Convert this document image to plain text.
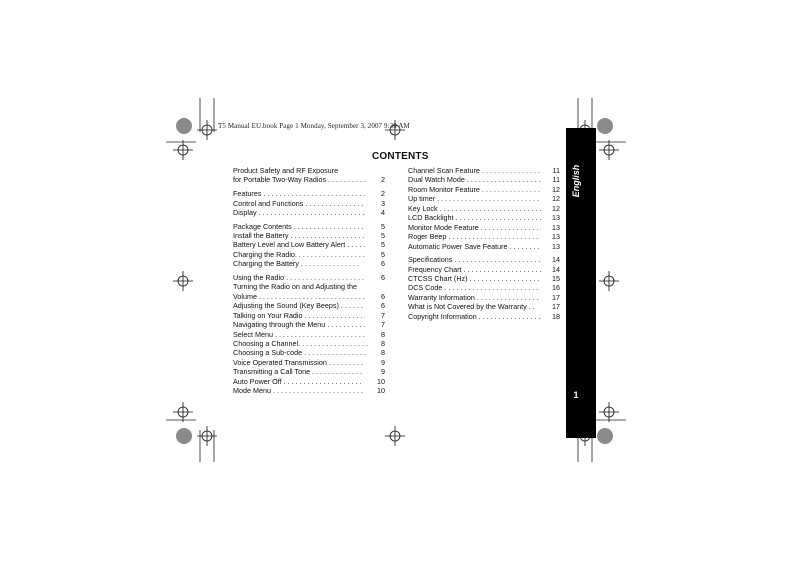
T5 Manual EU.book Page 1 Monday, September 3, 2007 9:30 AM
CONTENTS
Product Safety and RF Exposure
for Portable Two-Way Radios . . . . . . . . . . 2
Features . . . . . . . . . . . . . . . . . . . . . . . . . . 2
Control and Functions . . . . . . . . . . . . . . . 3
Display . . . . . . . . . . . . . . . . . . . . . . . . . . . 4
Package Contents . . . . . . . . . . . . . . . . . . 5
Install the Battery . . . . . . . . . . . . . . . . . . . 5
Battery Level and Low Battery Alert . . . . . 5
Charging the Radio. . . . . . . . . . . . . . . . . . 5
Charging the Battery . . . . . . . . . . . . . . .	6
Using the Radio . . . . . . . . . . . . . . . . . . . . 6
Turning the Radio on and Adjusting the
Volume . . . . . . . . . . . . . . . . . . . . . . . . . . . 6
Adjusting the Sound (Key Beeps) . . . . . .	6
Talking on Your Radio . . . . . . . . . . . . . . .	7
Navigating through the Menu . . . . . . . . . . 7
Select Menu . . . . . . . . . . . . . . . . . . . . . . . 8
Choosing a Channel. . . . . . . . . . . . . . . . . . 8
Choosing a Sub-code . . . . . . . . . . . . . . . . 8
Voice Operated Transmission . . . . . . . . .	9
Transmitting a Call Tone . . . . . . . . . . . . .	9
Auto Power Off . . . . . . . . . . . . . . . . . . . . 10
Mode Menu . . . . . . . . . . . . . . . . . . . . . . . 10
Channel Scan Feature . . . . . . . . . . . . . . . 11
Dual Watch Mode . . . . . . . . . . . . . . . . . . . 11
Room Monitor Feature . . . . . . . . . . . . . . . 12
Up timer . . . . . . . . . . . . . . . . . . . . . . . . . . 12
Key Lock . . . . . . . . . . . . . . . . . . . . . . . . . . 12
LCD Backlight . . . . . . . . . . . . . . . . . . . . . . 13
Monitor Mode Feature . . . . . . . . . . . . . . . 13
Roger Beep . . . . . . . . . . . . . . . . . . . . . . . 13
Automatic Power Save Feature . . . . . . . . 13
Specifications . . . . . . . . . . . . . . . . . . . . . . 14
Frequency Chart . . . . . . . . . . . . . . . . . . . . 14
CTCSS Chart (Hz) . . . . . . . . . . . . . . . . . . 15
DCS Code . . . . . . . . . . . . . . . . . . . . . . . . 16
Warranty Information . . . . . . . . . . . . . . . . 17
What is Not Covered by the Warranty . . 17
Copyright Information . . . . . . . . . . . . . . . . 18
English
1
